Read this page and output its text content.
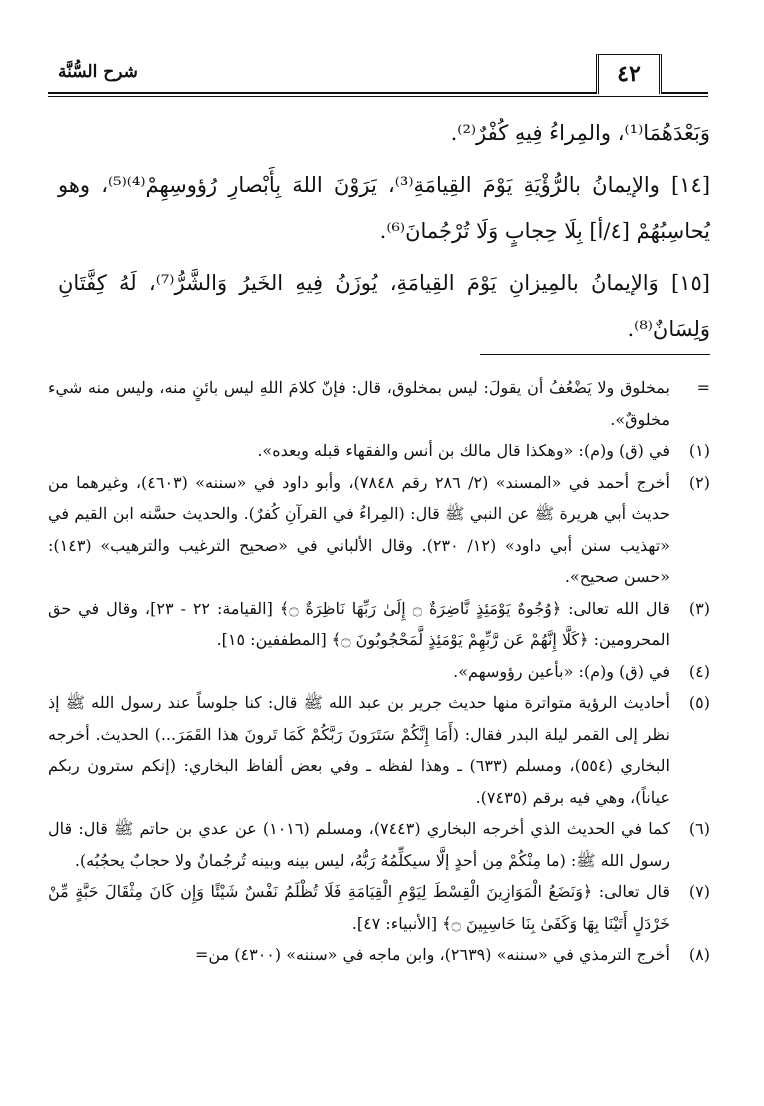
شرح السُّنَّة	٤٢

وَبَعْدَهُمَا⁽¹⁾، والمِراءُ فِيهِ كُفْرٌ⁽²⁾.

[١٤] والإيمانُ بالرُّؤْيَةِ يَوْمَ القِيامَةِ⁽³⁾، يَرَوْنَ اللهَ بِأَبْصارِ رُؤوسِهِمْ⁽⁴⁾⁽⁵⁾، وهو يُحاسِبُهُمْ [٤/أ] بِلَا حِجابٍ وَلَا تُرْجُمانَ⁽⁶⁾.

[١٥] وَالإيمانُ بالمِيزانِ يَوْمَ القِيامَةِ، يُوزَنُ فِيهِ الخَيرُ وَالشَّرُّ⁽⁷⁾، لَهُ كِفَّتَانِ وَلِسَانٌ⁽⁸⁾.

=
بمخلوق ولا يَضْعُفُ أن يقولَ: ليس بمخلوق، قال: فإنّ كلامَ اللهِ ليس بائنٍ منه، وليس منه شيء مخلوقٌ».
(١)
في (ق) و(م): «وهكذا قال مالك بن أنس والفقهاء قبله وبعده».
(٢)
أخرج أحمد في «المسند» (٢/ ٢٨٦ رقم ٧٨٤٨)، وأبو داود في «سننه» (٤٦٠٣)، وغيرهما من حديث أبي هريرة ﷺ عن النبي ﷺ قال: (المِراءُ في القرآنِ كُفرٌ). والحديث حسَّنه ابن القيم في «تهذيب سنن أبي داود» (١٢/ ٢٣٠). وقال الألباني في «صحيح الترغيب والترهيب» (١٤٣): «حسن صحيح».
(٣)
قال الله تعالى: ﴿وُجُوهٌ يَوْمَئِذٍ نَّاضِرَةٌ ۝ إِلَىٰ رَبِّهَا نَاظِرَةٌ ۝﴾ [القيامة: ٢٢ - ٢٣]، وقال في حق المحرومين: ﴿كَلَّا إِنَّهُمْ عَن رَّبِّهِمْ يَوْمَئِذٍ لَّمَحْجُوبُونَ ۝﴾ [المطففين: ١٥].
(٤)
في (ق) و(م): «بأعين رؤوسهم».
(٥)
أحاديث الرؤية متواترة منها حديث جرير بن عبد الله ﷺ قال: كنا جلوساً عند رسول الله ﷺ إذ نظر إلى القمر ليلة البدر فقال: (أَمَا إِنَّكُمْ سَتَرَونَ رَبَّكُمْ كَمَا تَرونَ هذا القَمَرَ...) الحديث. أخرجه البخاري (٥٥٤)، ومسلم (٦٣٣) ـ وهذا لفظه ـ وفي بعض ألفاظ البخاري: (إنكم سترون ربكم عياناً)، وهي فيه برقم (٧٤٣٥).
(٦)
كما في الحديث الذي أخرجه البخاري (٧٤٤٣)، ومسلم (١٠١٦) عن عدي بن حاتم ﷺ قال: قال رسول الله ﷺ: (ما مِنْكُمْ مِن أحدٍ إلَّا سيكلِّمُهُ رَبُّهُ، ليس بينه وبينه تُرجُمانٌ ولا حجابٌ يحجُبُه).
(٧)
قال تعالى: ﴿وَنَضَعُ الْمَوَازِينَ الْقِسْطَ لِيَوْمِ الْقِيَامَةِ فَلَا تُظْلَمُ نَفْسٌ شَيْئًا وَإِن كَانَ مِثْقَالَ حَبَّةٍ مِّنْ خَرْدَلٍ أَتَيْنَا بِهَا وَكَفَىٰ بِنَا حَاسِبِينَ ۝﴾ [الأنبياء: ٤٧].
(٨)
أخرج الترمذي في «سننه» (٢٦٣٩)، وابن ماجه في «سننه» (٤٣٠٠) من=
